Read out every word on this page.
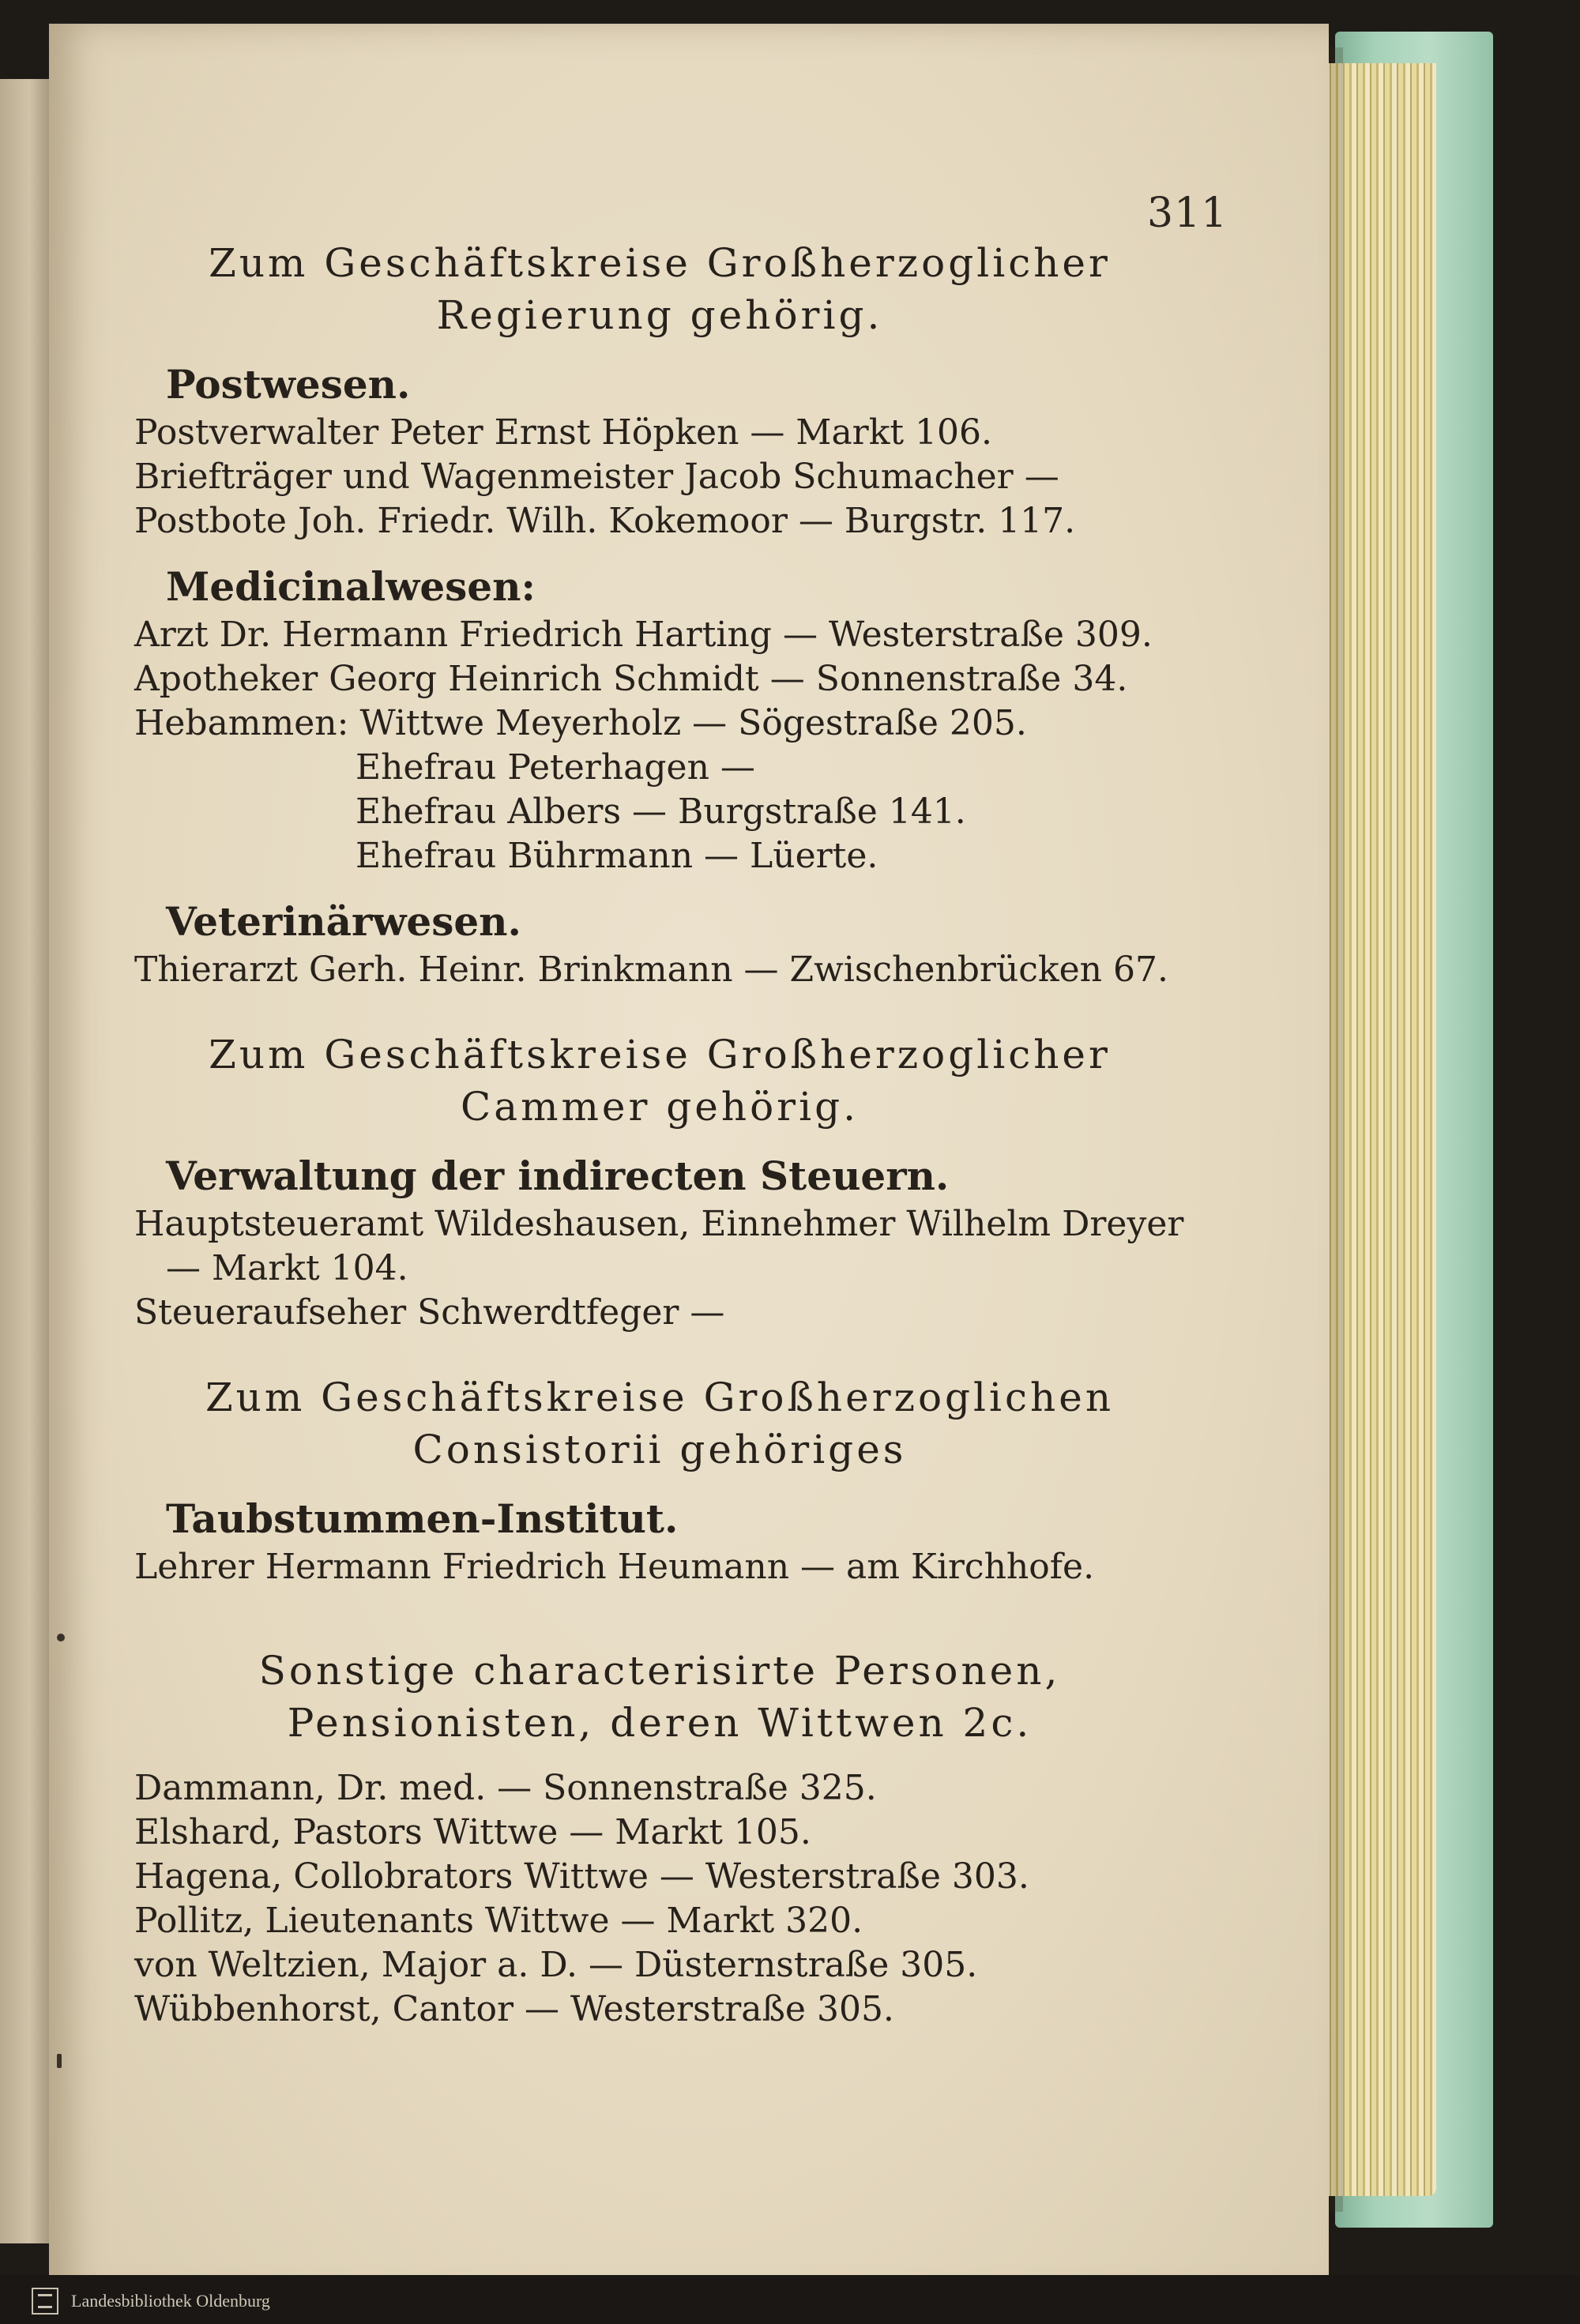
311

Zum Geschäftskreise Großherzoglicher

Regierung gehörig.

Postwesen.

Postverwalter Peter Ernst Höpken — Markt 106.

Briefträger und Wagenmeister Jacob Schumacher —

Postbote Joh. Friedr. Wilh. Kokemoor — Burgstr. 117.

Medicinalwesen:

Arzt Dr. Hermann Friedrich Harting — Westerstraße 309.

Apotheker Georg Heinrich Schmidt — Sonnenstraße 34.

Hebammen: Wittwe Meyerholz — Sögestraße 205.

Ehefrau Peterhagen —

Ehefrau Albers — Burgstraße 141.

Ehefrau Bührmann — Lüerte.

Veterinärwesen.

Thierarzt Gerh. Heinr. Brinkmann — Zwischenbrücken 67.

Zum Geschäftskreise Großherzoglicher

Cammer gehörig.

Verwaltung der indirecten Steuern.

Hauptsteueramt Wildeshausen, Einnehmer Wilhelm Dreyer

— Markt 104.

Steueraufseher Schwerdtfeger —

Zum Geschäftskreise Großherzoglichen

Consistorii gehöriges

Taubstummen-Institut.

Lehrer Hermann Friedrich Heumann — am Kirchhofe.

Sonstige characterisirte Personen,

Pensionisten, deren Wittwen 2c.

Dammann, Dr. med. — Sonnenstraße 325.

Elshard, Pastors Wittwe — Markt 105.

Hagena, Collobrators Wittwe — Westerstraße 303.

Pollitz, Lieutenants Wittwe — Markt 320.

von Weltzien, Major a. D. — Düsternstraße 305.

Wübbenhorst, Cantor — Westerstraße 305.

Landesbibliothek Oldenburg
